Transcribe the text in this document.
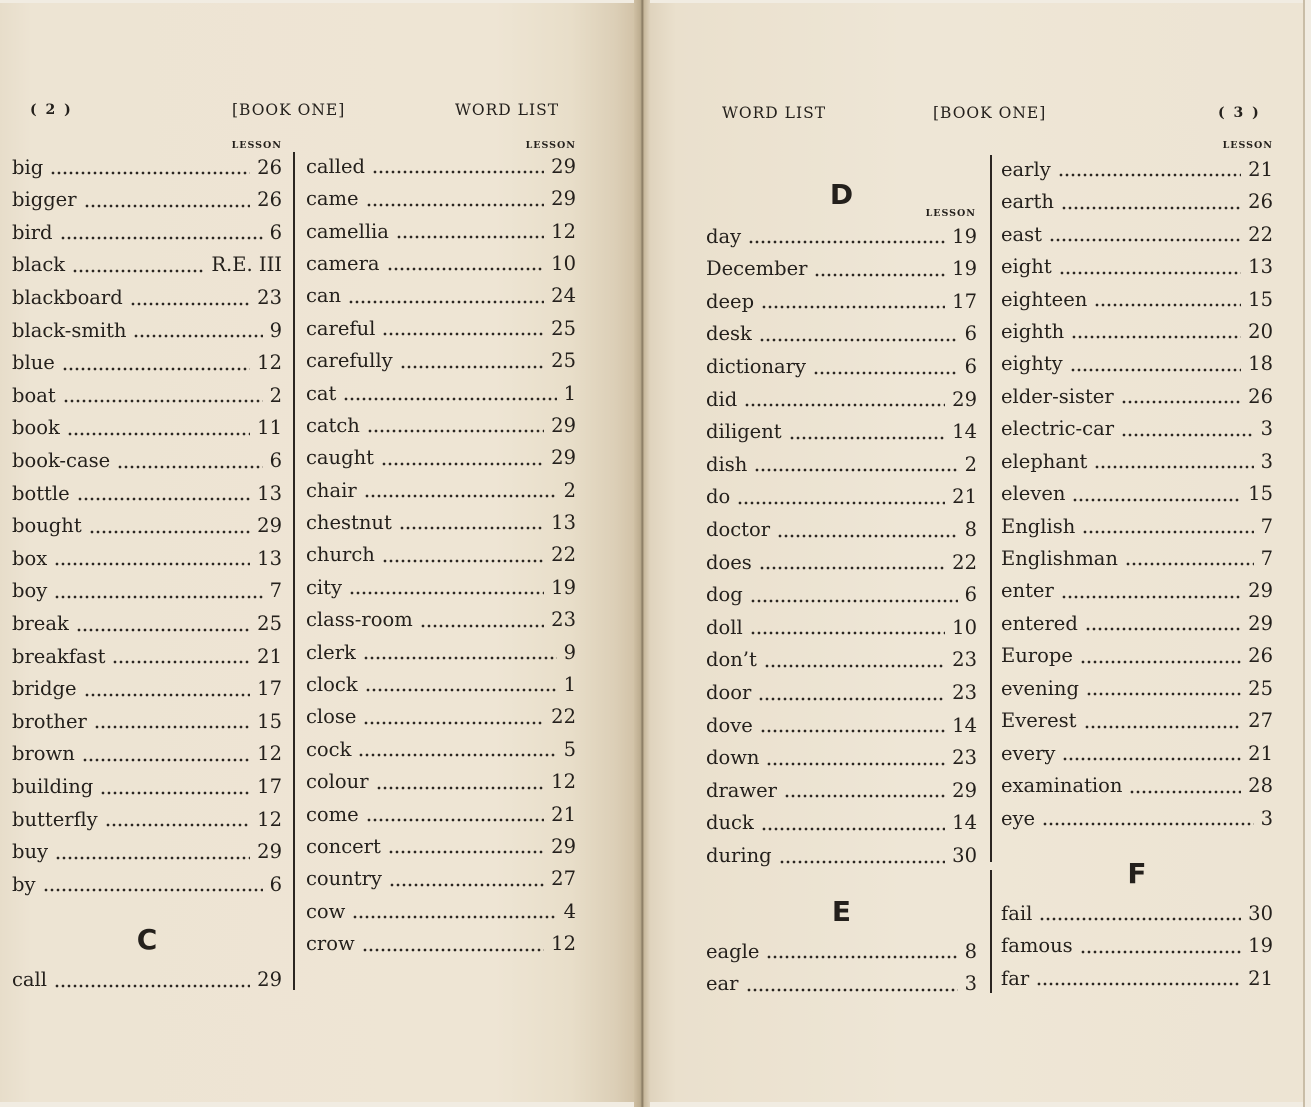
( 2 )	[BOOK ONE]	WORD LIST	WORD LIST	[BOOK ONE]	( 3 )
LESSON
big	26
bigger	26
bird	6
black	R.E. III
blackboard	23
black-smith	9
blue	12
boat	2
book	11
book-case	6
bottle	13
bought	29
box	13
boy	7
break	25
breakfast	21
bridge	17
brother	15
brown	12
building	17
butterfly	12
buy	29
by	6
C
call	29
LESSON
called	29
came	29
camellia	12
camera	10
can	24
careful	25
carefully	25
cat	1
catch	29
caught	29
chair	2
chestnut	13
church	22
city	19
class-room	23
clerk	9
clock	1
close	22
cock	5
colour	12
come	21
concert	29
country	27
cow	4
crow	12
LESSON
D
day	19
December	19
deep	17
desk	6
dictionary	6
did	29
diligent	14
dish	2
do	21
doctor	8
does	22
dog	6
doll	10
don’t	23
door	23
dove	14
down	23
drawer	29
duck	14
during	30
E
eagle	8
ear	3
LESSON
early	21
earth	26
east	22
eight	13
eighteen	15
eighth	20
eighty	18
elder-sister	26
electric-car	3
elephant	3
eleven	15
English	7
Englishman	7
enter	29
entered	29
Europe	26
evening	25
Everest	27
every	21
examination	28
eye	3
F
fail	30
famous	19
far	21
